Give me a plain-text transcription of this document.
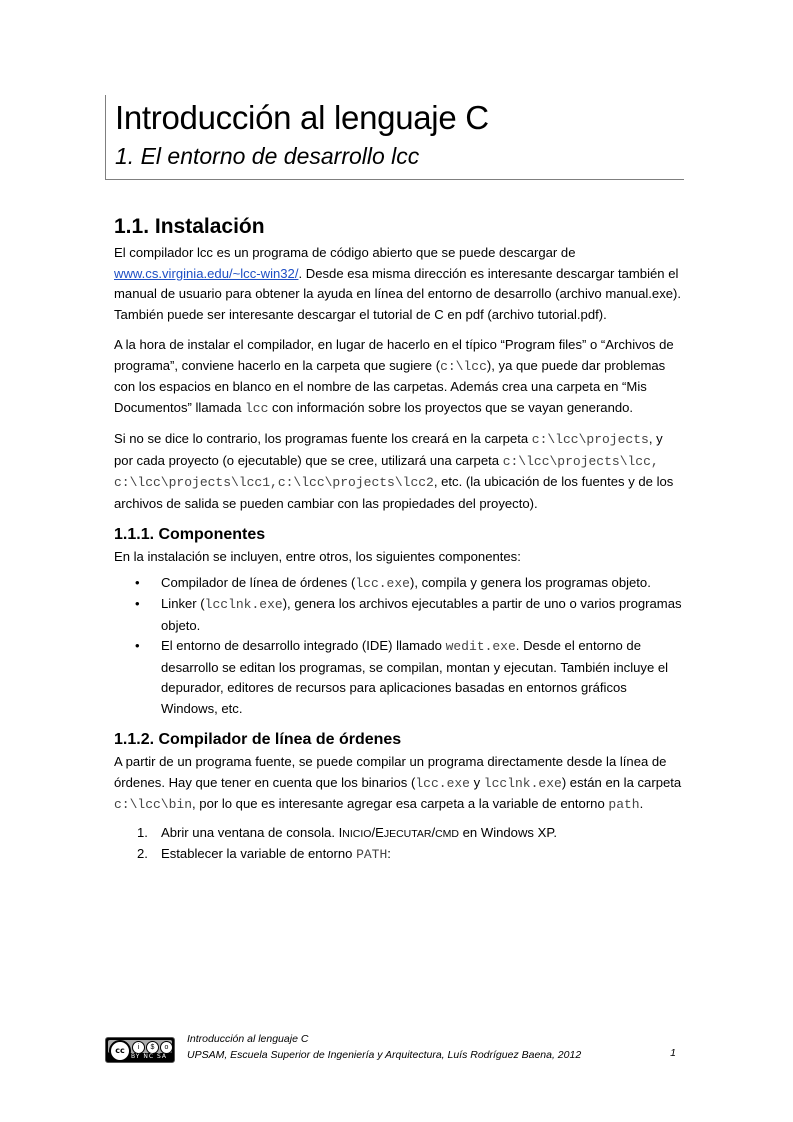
Introducción al lenguaje C
1. El entorno de desarrollo lcc
1.1. Instalación

El compilador lcc es un programa de código abierto que se puede descargar de www.cs.virginia.edu/~lcc-win32/. Desde esa misma dirección es interesante descargar también el manual de usuario para obtener la ayuda en línea del entorno de desarrollo (archivo manual.exe). También puede ser interesante descargar el tutorial de C en pdf (archivo tutorial.pdf).

A la hora de instalar el compilador, en lugar de hacerlo en el típico “Program files” o “Archivos de programa”, conviene hacerlo en la carpeta que sugiere (c:\lcc), ya que puede dar problemas con los espacios en blanco en el nombre de las carpetas. Además crea una carpeta en “Mis Documentos” llamada lcc con información sobre los proyectos que se vayan generando.

Si no se dice lo contrario, los programas fuente los creará en la carpeta c:\lcc\projects, y por cada proyecto (o ejecutable) que se cree, utilizará una carpeta c:\lcc\projects\lcc, c:\lcc\projects\lcc1,c:\lcc\projects\lcc2, etc. (la ubicación de los fuentes y de los archivos de salida se pueden cambiar con las propiedades del proyecto).

1.1.1. Componentes

En la instalación se incluyen, entre otros, los siguientes componentes:

• Compilador de línea de órdenes (lcc.exe), compila y genera los programas objeto.
• Linker (lcclnk.exe), genera los archivos ejecutables a partir de uno o varios programas objeto.
• El entorno de desarrollo integrado (IDE) llamado wedit.exe. Desde el entorno de desarrollo se editan los programas, se compilan, montan y ejecutan. También incluye el depurador, editores de recursos para aplicaciones basadas en entornos gráficos Windows, etc.
1.1.2. Compilador de línea de órdenes

A partir de un programa fuente, se puede compilar un programa directamente desde la línea de órdenes. Hay que tener en cuenta que los binarios (lcc.exe y lcclnk.exe) están en la carpeta c:\lcc\bin, por lo que es interesante agregar esa carpeta a la variable de entorno path.

1. Abrir una ventana de consola. INICIO/EJECUTAR/CMD en Windows XP.
2. Establecer la variable de entorno PATH:
cc	i	$	o
BY NC SA
Introducción al lenguaje C
UPSAM, Escuela Superior de Ingeniería y Arquitectura, Luís Rodríguez Baena, 2012	1
